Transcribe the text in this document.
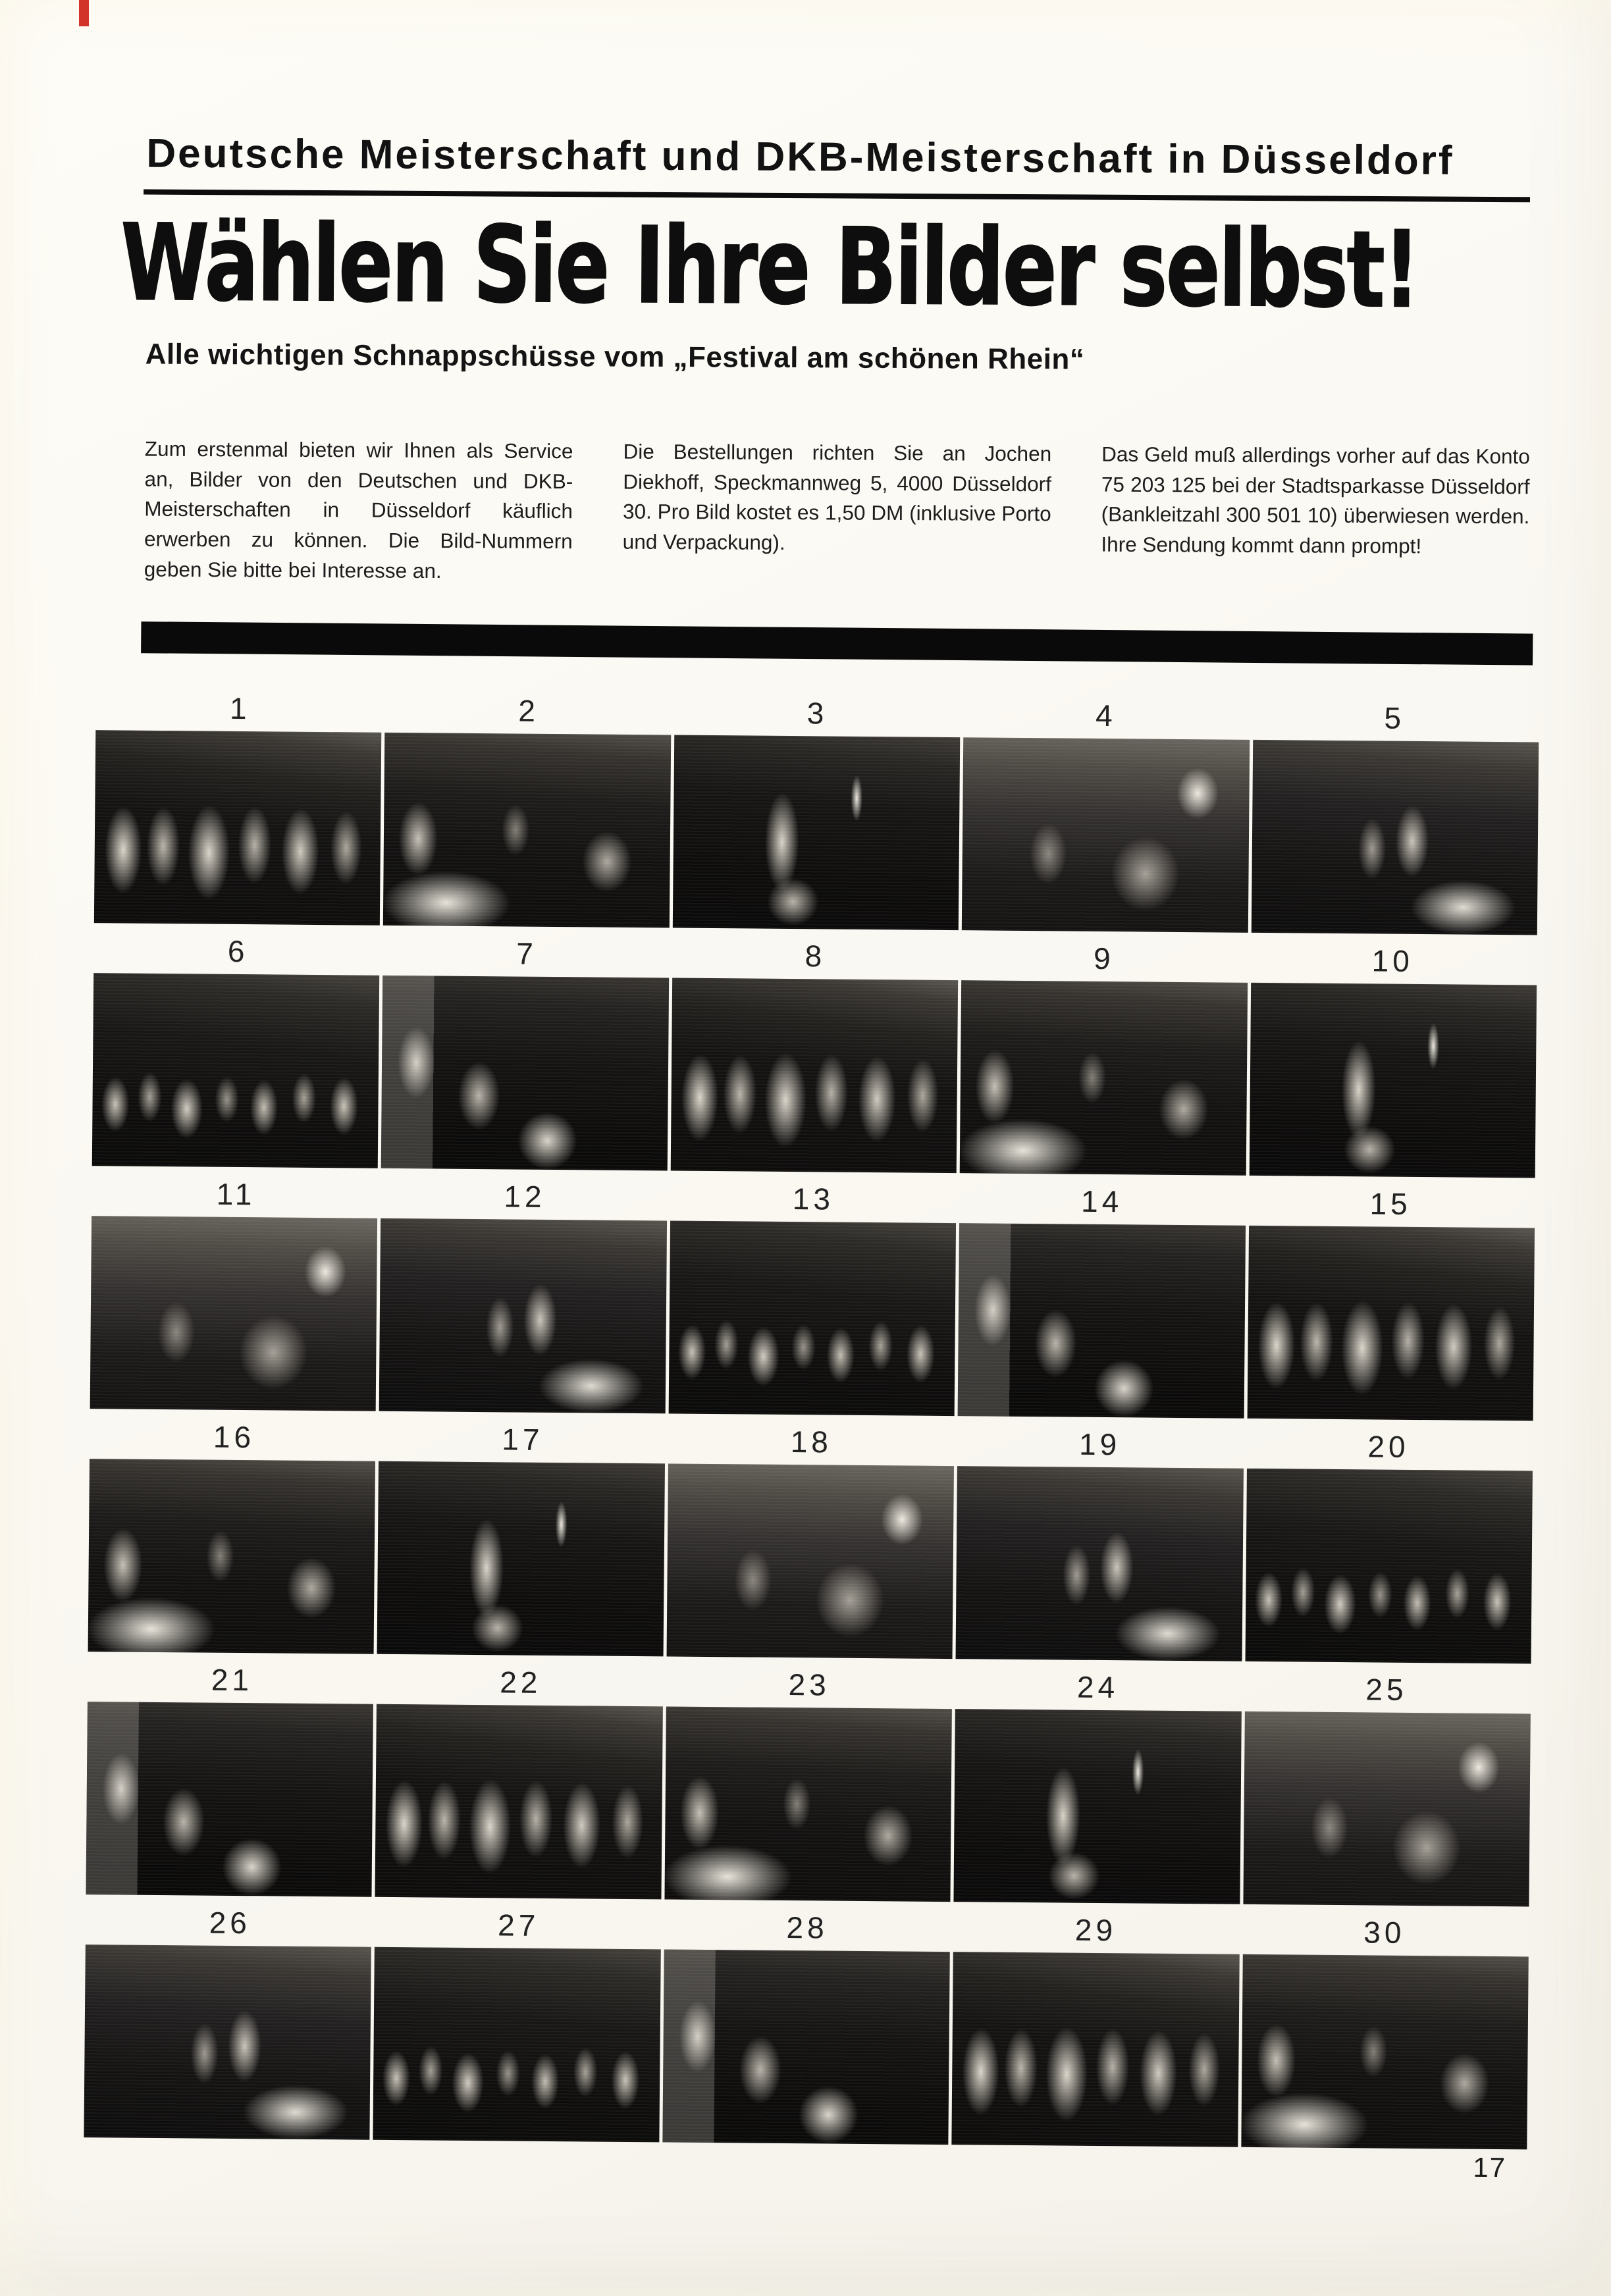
Deutsche Meisterschaft und DKB-Meisterschaft in Düsseldorf
Wählen Sie Ihre Bilder selbst!
Alle wichtigen Schnappschüsse vom „Festival am schönen Rhein“

Zum erstenmal bieten wir Ihnen als Service an, Bilder von den Deutschen und DKB-Meisterschaften in Düsseldorf käuflich erwerben zu können. Die Bild-Nummern geben Sie bitte bei Interesse an.

Die Bestellungen richten Sie an Jochen Diekhoff, Speckmannweg 5, 4000 Düsseldorf 30. Pro Bild kostet es 1,50 DM (inklusive Porto und Verpackung).

Das Geld muß allerdings vorher auf das Konto 75 203 125 bei der Stadtsparkasse Düsseldorf (Bankleitzahl 300 501 10) überwiesen werden. Ihre Sendung kommt dann prompt!

1	2	3	4	5
6	7	8	9	10
11	12	13	14	15
16	17	18	19	20
21	22	23	24	25
26	27	28	29	30
17
